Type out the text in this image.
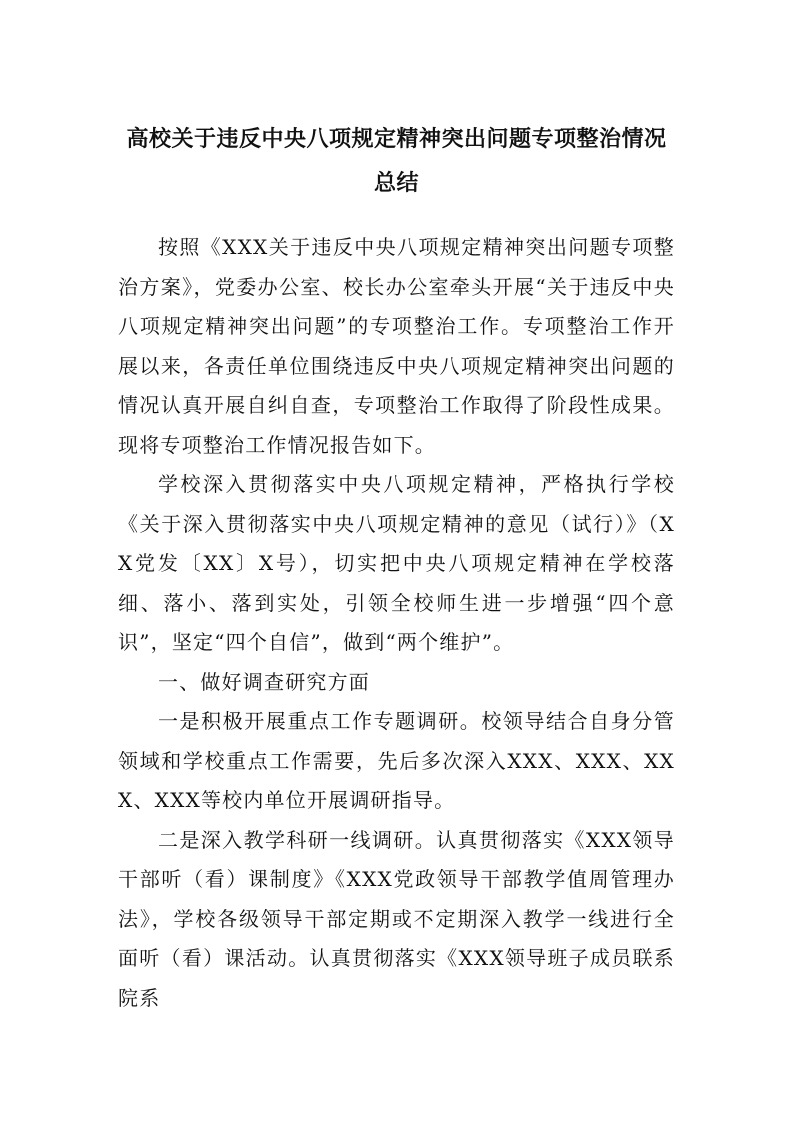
高校关于违反中央八项规定精神突出问题专项整治情况总结

按照《XXX关于违反中央八项规定精神突出问题专项整治方案》，党委办公室、校长办公室牵头开展“关于违反中央八项规定精神突出问题”的专项整治工作。专项整治工作开展以来，各责任单位围绕违反中央八项规定精神突出问题的情况认真开展自纠自查，专项整治工作取得了阶段性成果。现将专项整治工作情况报告如下。

学校深入贯彻落实中央八项规定精神，严格执行学校《关于深入贯彻落实中央八项规定精神的意见（试行）》（XX党发〔XX〕X号），切实把中央八项规定精神在学校落细、落小、落到实处，引领全校师生进一步增强“四个意识”，坚定“四个自信”，做到“两个维护”。

一、做好调查研究方面

一是积极开展重点工作专题调研。校领导结合自身分管领域和学校重点工作需要，先后多次深入XXX、XXX、XXX、XXX等校内单位开展调研指导。

二是深入教学科研一线调研。认真贯彻落实《XXX领导干部听（看）课制度》《XXX党政领导干部教学值周管理办法》，学校各级领导干部定期或不定期深入教学一线进行全面听（看）课活动。认真贯彻落实《XXX领导班子成员联系院系
